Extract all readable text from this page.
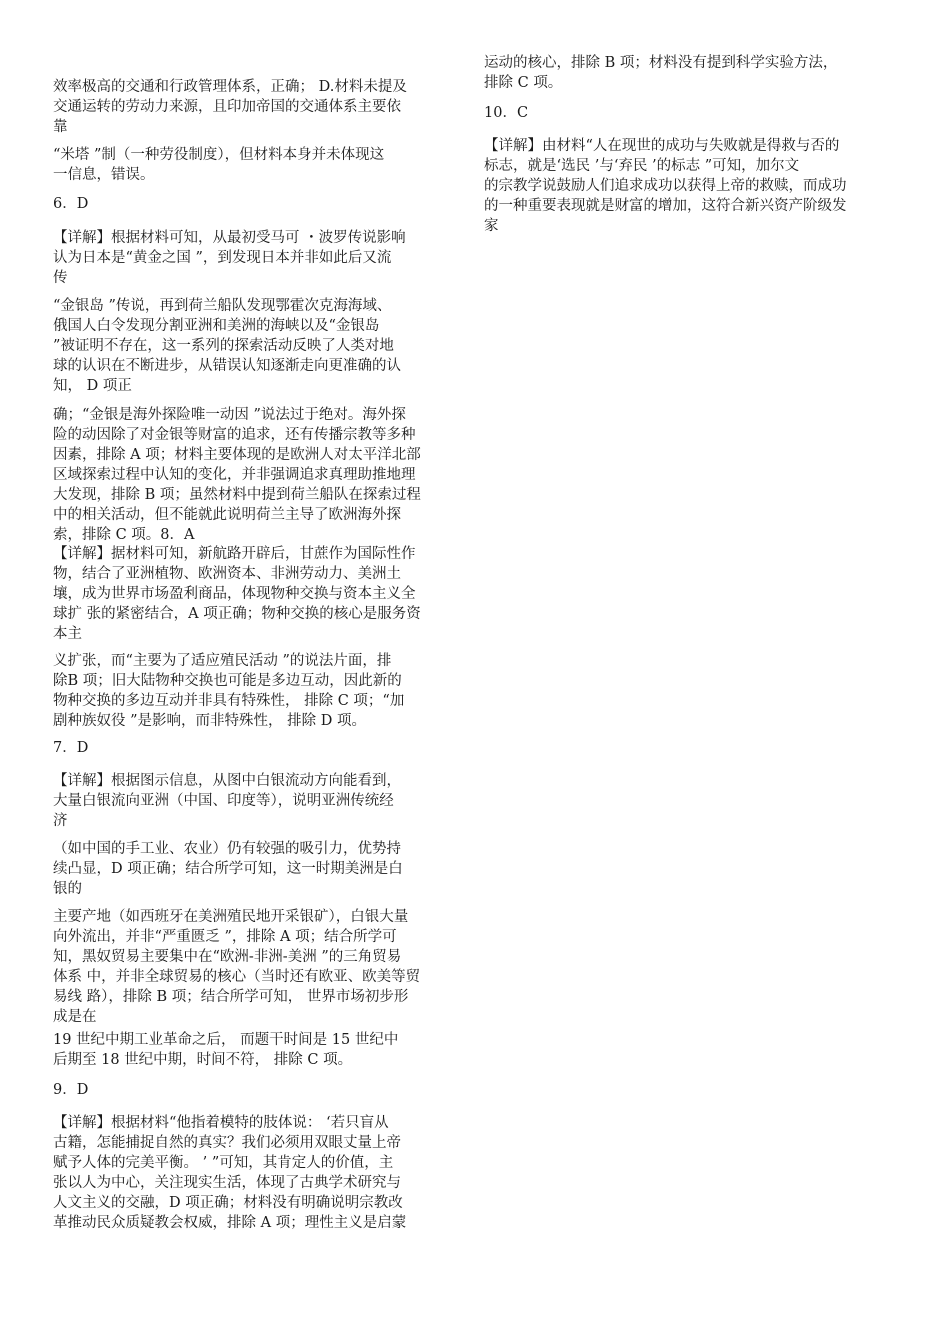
效率极高的交通和行政管理体系，正确； D.材料未提及
交通运转的劳动力来源，且印加帝国的交通体系主要依
靠

“米塔 ”制（一种劳役制度），但材料本身并未体现这
一信息，错误。

6．D

【详解】根据材料可知，从最初受马可 ・波罗传说影响
认为日本是“黄金之国 ”，到发现日本并非如此后又流
传

“金银岛 ”传说，再到荷兰船队发现鄂霍次克海海域、
俄国人白令发现分割亚洲和美洲的海峡以及“金银岛
”被证明不存在，这一系列的探索活动反映了人类对地
球的认识在不断进步，从错误认知逐渐走向更准确的认
知， D 项正

确；“金银是海外探险唯一动因 ”说法过于绝对。海外探
险的动因除了对金银等财富的追求，还有传播宗教等多种
因素，排除 A 项；材料主要体现的是欧洲人对太平洋北部
区域探索过程中认知的变化，并非强调追求真理助推地理
大发现，排除 B 项；虽然材料中提到荷兰船队在探索过程
中的相关活动，但不能就此说明荷兰主导了欧洲海外探
索，排除 C 项。8．A

【详解】据材料可知，新航路开辟后，甘蔗作为国际性作
物，结合了亚洲植物、欧洲资本、非洲劳动力、美洲土
壤，成为世界市场盈利商品，体现物种交换与资本主义全
球扩 张的紧密结合，A 项正确；物种交换的核心是服务资
本主

义扩张，而“主要为了适应殖民活动 ”的说法片面，排
除B 项；旧大陆物种交换也可能是多边互动，因此新的
物种交换的多边互动并非具有特殊性， 排除 C 项；“加
剧种族奴役 ”是影响，而非特殊性， 排除 D 项。

7．D

【详解】根据图示信息，从图中白银流动方向能看到，
大量白银流向亚洲（中国、印度等），说明亚洲传统经
济

（如中国的手工业、农业）仍有较强的吸引力，优势持
续凸显，D 项正确；结合所学可知，这一时期美洲是白
银的

主要产地（如西班牙在美洲殖民地开采银矿），白银大量
向外流出，并非“严重匮乏 ”，排除 A 项；结合所学可
知，黑奴贸易主要集中在“欧洲-非洲-美洲 ”的三角贸易
体系 中，并非全球贸易的核心（当时还有欧亚、欧美等贸
易线 路），排除 B 项；结合所学可知， 世界市场初步形
成是在

19 世纪中期工业革命之后， 而题干时间是 15 世纪中
后期至 18 世纪中期，时间不符， 排除 C 项。

9．D

【详解】根据材料“他指着模特的肢体说： ‘若只盲从
古籍，怎能捕捉自然的真实？我们必须用双眼丈量上帝
赋予人体的完美平衡。 ’ ”可知，其肯定人的价值，主
张以人为中心，关注现实生活，体现了古典学术研究与
人文主义的交融，D 项正确；材料没有明确说明宗教改
革推动民众质疑教会权威，排除 A 项；理性主义是启蒙

运动的核心，排除 B 项；材料没有提到科学实验方法，
排除 C 项。

10．C

【详解】由材料“人在现世的成功与失败就是得救与否的
标志，就是‘选民 ’与‘弃民 ’的标志 ”可知，加尔文
的宗教学说鼓励人们追求成功以获得上帝的救赎，而成功
的一种重要表现就是财富的增加，这符合新兴资产阶级发
家
